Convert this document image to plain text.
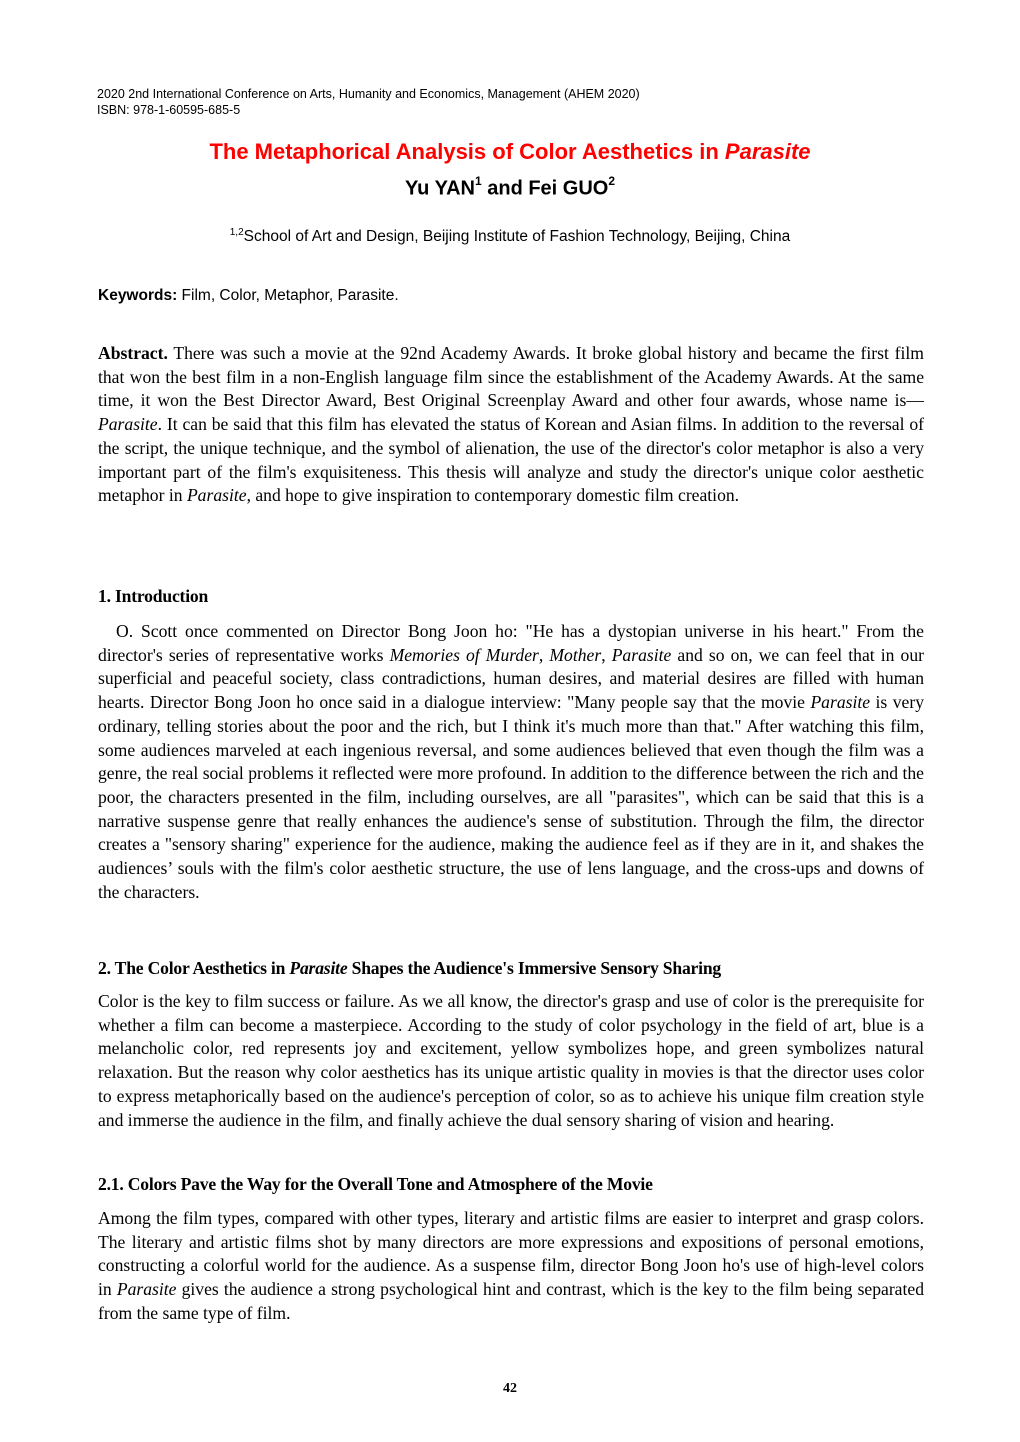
2020 2nd International Conference on Arts, Humanity and Economics, Management (AHEM 2020)
ISBN: 978-1-60595-685-5
The Metaphorical Analysis of Color Aesthetics in Parasite
Yu YAN$^1$ and Fei GUO$^2$
$^{1,2}$School of Art and Design, Beijing Institute of Fashion Technology, Beijing, China
Keywords: Film, Color, Metaphor, Parasite.
Abstract. There was such a movie at the 92nd Academy Awards. It broke global history and became the first film that won the best film in a non-English language film since the establishment of the Academy Awards. At the same time, it won the Best Director Award, Best Original Screenplay Award and other four awards, whose name is—Parasite. It can be said that this film has elevated the status of Korean and Asian films. In addition to the reversal of the script, the unique technique, and the symbol of alienation, the use of the director's color metaphor is also a very important part of the film's exquisiteness. This thesis will analyze and study the director's unique color aesthetic metaphor in Parasite, and hope to give inspiration to contemporary domestic film creation.
1. Introduction
O. Scott once commented on Director Bong Joon ho: "He has a dystopian universe in his heart." From the director's series of representative works Memories of Murder, Mother, Parasite and so on, we can feel that in our superficial and peaceful society, class contradictions, human desires, and material desires are filled with human hearts. Director Bong Joon ho once said in a dialogue interview: "Many people say that the movie Parasite is very ordinary, telling stories about the poor and the rich, but I think it's much more than that." After watching this film, some audiences marveled at each ingenious reversal, and some audiences believed that even though the film was a genre, the real social problems it reflected were more profound. In addition to the difference between the rich and the poor, the characters presented in the film, including ourselves, are all "parasites", which can be said that this is a narrative suspense genre that really enhances the audience's sense of substitution. Through the film, the director creates a "sensory sharing" experience for the audience, making the audience feel as if they are in it, and shakes the audiences’ souls with the film's color aesthetic structure, the use of lens language, and the cross-ups and downs of the characters.
2. The Color Aesthetics in Parasite Shapes the Audience's Immersive Sensory Sharing
Color is the key to film success or failure. As we all know, the director's grasp and use of color is the prerequisite for whether a film can become a masterpiece. According to the study of color psychology in the field of art, blue is a melancholic color, red represents joy and excitement, yellow symbolizes hope, and green symbolizes natural relaxation. But the reason why color aesthetics has its unique artistic quality in movies is that the director uses color to express metaphorically based on the audience's perception of color, so as to achieve his unique film creation style and immerse the audience in the film, and finally achieve the dual sensory sharing of vision and hearing.
2.1. Colors Pave the Way for the Overall Tone and Atmosphere of the Movie
Among the film types, compared with other types, literary and artistic films are easier to interpret and grasp colors. The literary and artistic films shot by many directors are more expressions and expositions of personal emotions, constructing a colorful world for the audience. As a suspense film, director Bong Joon ho's use of high-level colors in Parasite gives the audience a strong psychological hint and contrast, which is the key to the film being separated from the same type of film.
42
